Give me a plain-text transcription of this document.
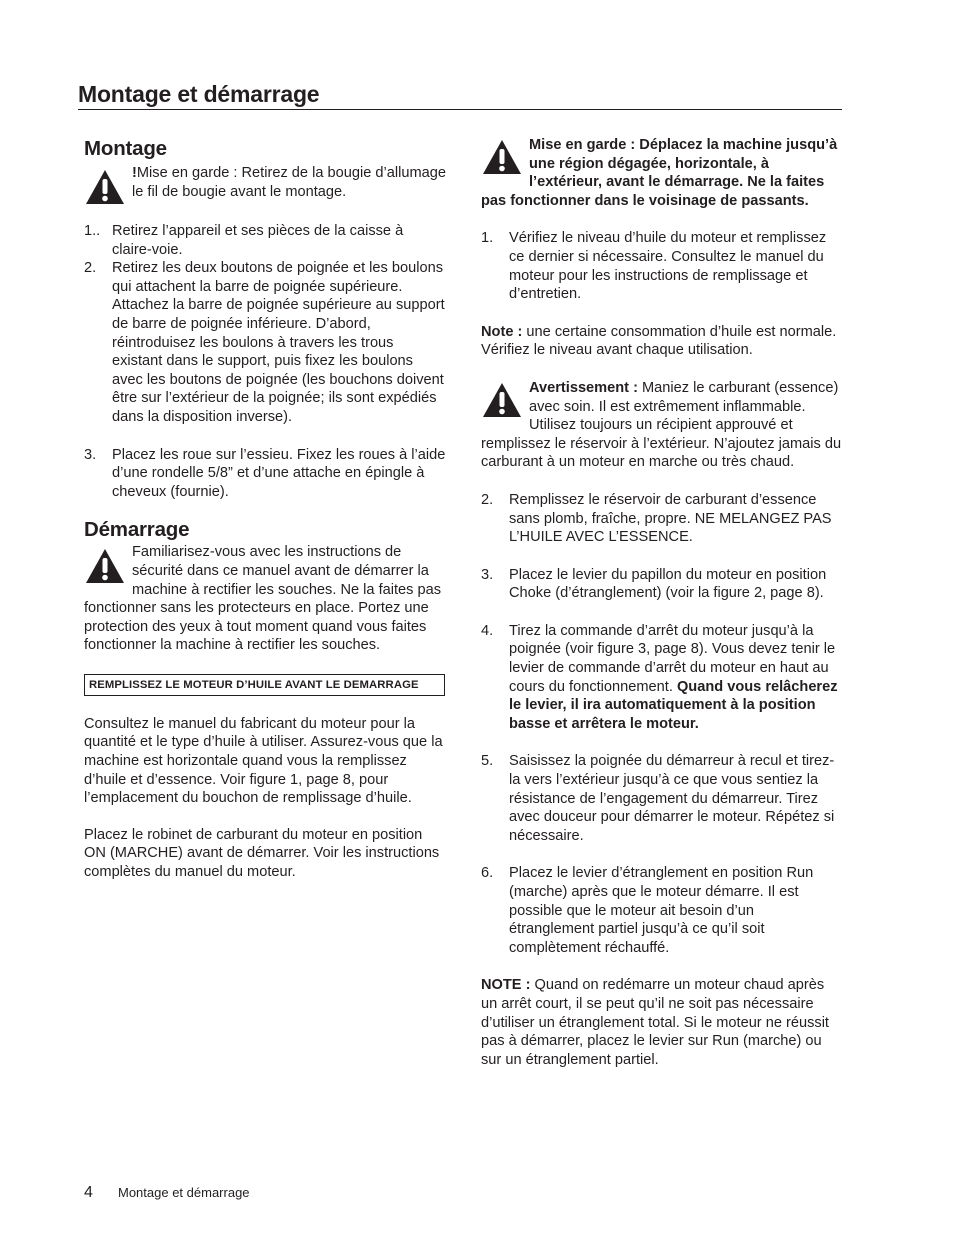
Montage et démarrage
Montage

!Mise en garde : Retirez de la bougie d’allumage le fil de bougie avant le montage.

1.. Retirez l’appareil et ses pièces de la caisse à claire-voie.
2. Retirez les deux boutons de poignée et les boulons qui attachent la barre de poignée supérieure. Attachez la barre de poignée supérieure au support de barre de poignée inférieure. D’abord, réintroduisez les boulons à travers les trous existant dans le support, puis fixez les boulons avec les boutons de poignée (les bouchons doivent être sur l’extérieur de la poignée; ils sont expédiés dans la disposition inverse).
3. Placez les roue sur l’essieu. Fixez les roues à l’aide d’une rondelle 5/8” et d’une attache en épingle à cheveux (fournie).
Démarrage

Familiarisez-vous avec les instructions de sécurité dans ce manuel avant de démarrer la machine à rectifier les souches. Ne la faites pas fonctionner sans les protecteurs en place. Portez une protection des yeux à tout moment quand vous faites fonctionner la machine à rectifier les souches.

REMPLISSEZ LE MOTEUR D’HUILE AVANT LE DEMARRAGE

Consultez le manuel du fabricant du moteur pour la quantité et le type d’huile à utiliser. Assurez-vous que la machine est horizontale quand vous la remplissez d’huile et d’essence. Voir figure 1, page 8, pour l’emplacement du bouchon de remplissage d’huile.

Placez le robinet de carburant du moteur en position ON (MARCHE) avant de démarrer. Voir les instructions complètes du manuel du moteur.

Mise en garde : Déplacez la machine jusqu’à une région dégagée, horizontale, à l’extérieur, avant le démarrage. Ne la faites pas fonctionner dans le voisinage de passants.

1. Vérifiez le niveau d’huile du moteur et remplissez ce dernier si nécessaire. Consultez le manuel du moteur pour les instructions de remplissage et d’entretien.

Note : une certaine consommation d’huile est normale. Vérifiez le niveau avant chaque utilisation.

Avertissement : Maniez le carburant (essence) avec soin. Il est extrêmement inflammable. Utilisez toujours un récipient approuvé et remplissez le réservoir à l’extérieur. N’ajoutez jamais du carburant à un moteur en marche ou très chaud.

2. Remplissez le réservoir de carburant d’essence sans plomb, fraîche, propre. NE MELANGEZ PAS L’HUILE AVEC L’ESSENCE.
3. Placez le levier du papillon du moteur en position Choke (d’étranglement) (voir la figure 2, page 8).
4. Tirez la commande d’arrêt du moteur jusqu’à la poignée (voir figure 3, page 8). Vous devez tenir le levier de commande d’arrêt du moteur en haut au cours du fonctionnement. Quand vous relâcherez le levier, il ira automatiquement à la position basse et arrêtera le moteur.
5. Saisissez la poignée du démarreur à recul et tirez-la vers l’extérieur jusqu’à ce que vous sentiez la résistance de l’engagement du démarreur. Tirez avec douceur pour démarrer le moteur. Répétez si nécessaire.
6. Placez le levier d’étranglement en position Run (marche) après que le moteur démarre. Il est possible que le moteur ait besoin d’un étranglement partiel jusqu’à ce qu’il soit complètement réchauffé.

NOTE : Quand on redémarre un moteur chaud après un arrêt court, il se peut qu’il ne soit pas nécessaire d’utiliser un étranglement total. Si le moteur ne réussit pas à démarrer, placez le levier sur Run (marche) ou sur un étranglement partiel.

4 Montage et démarrage
